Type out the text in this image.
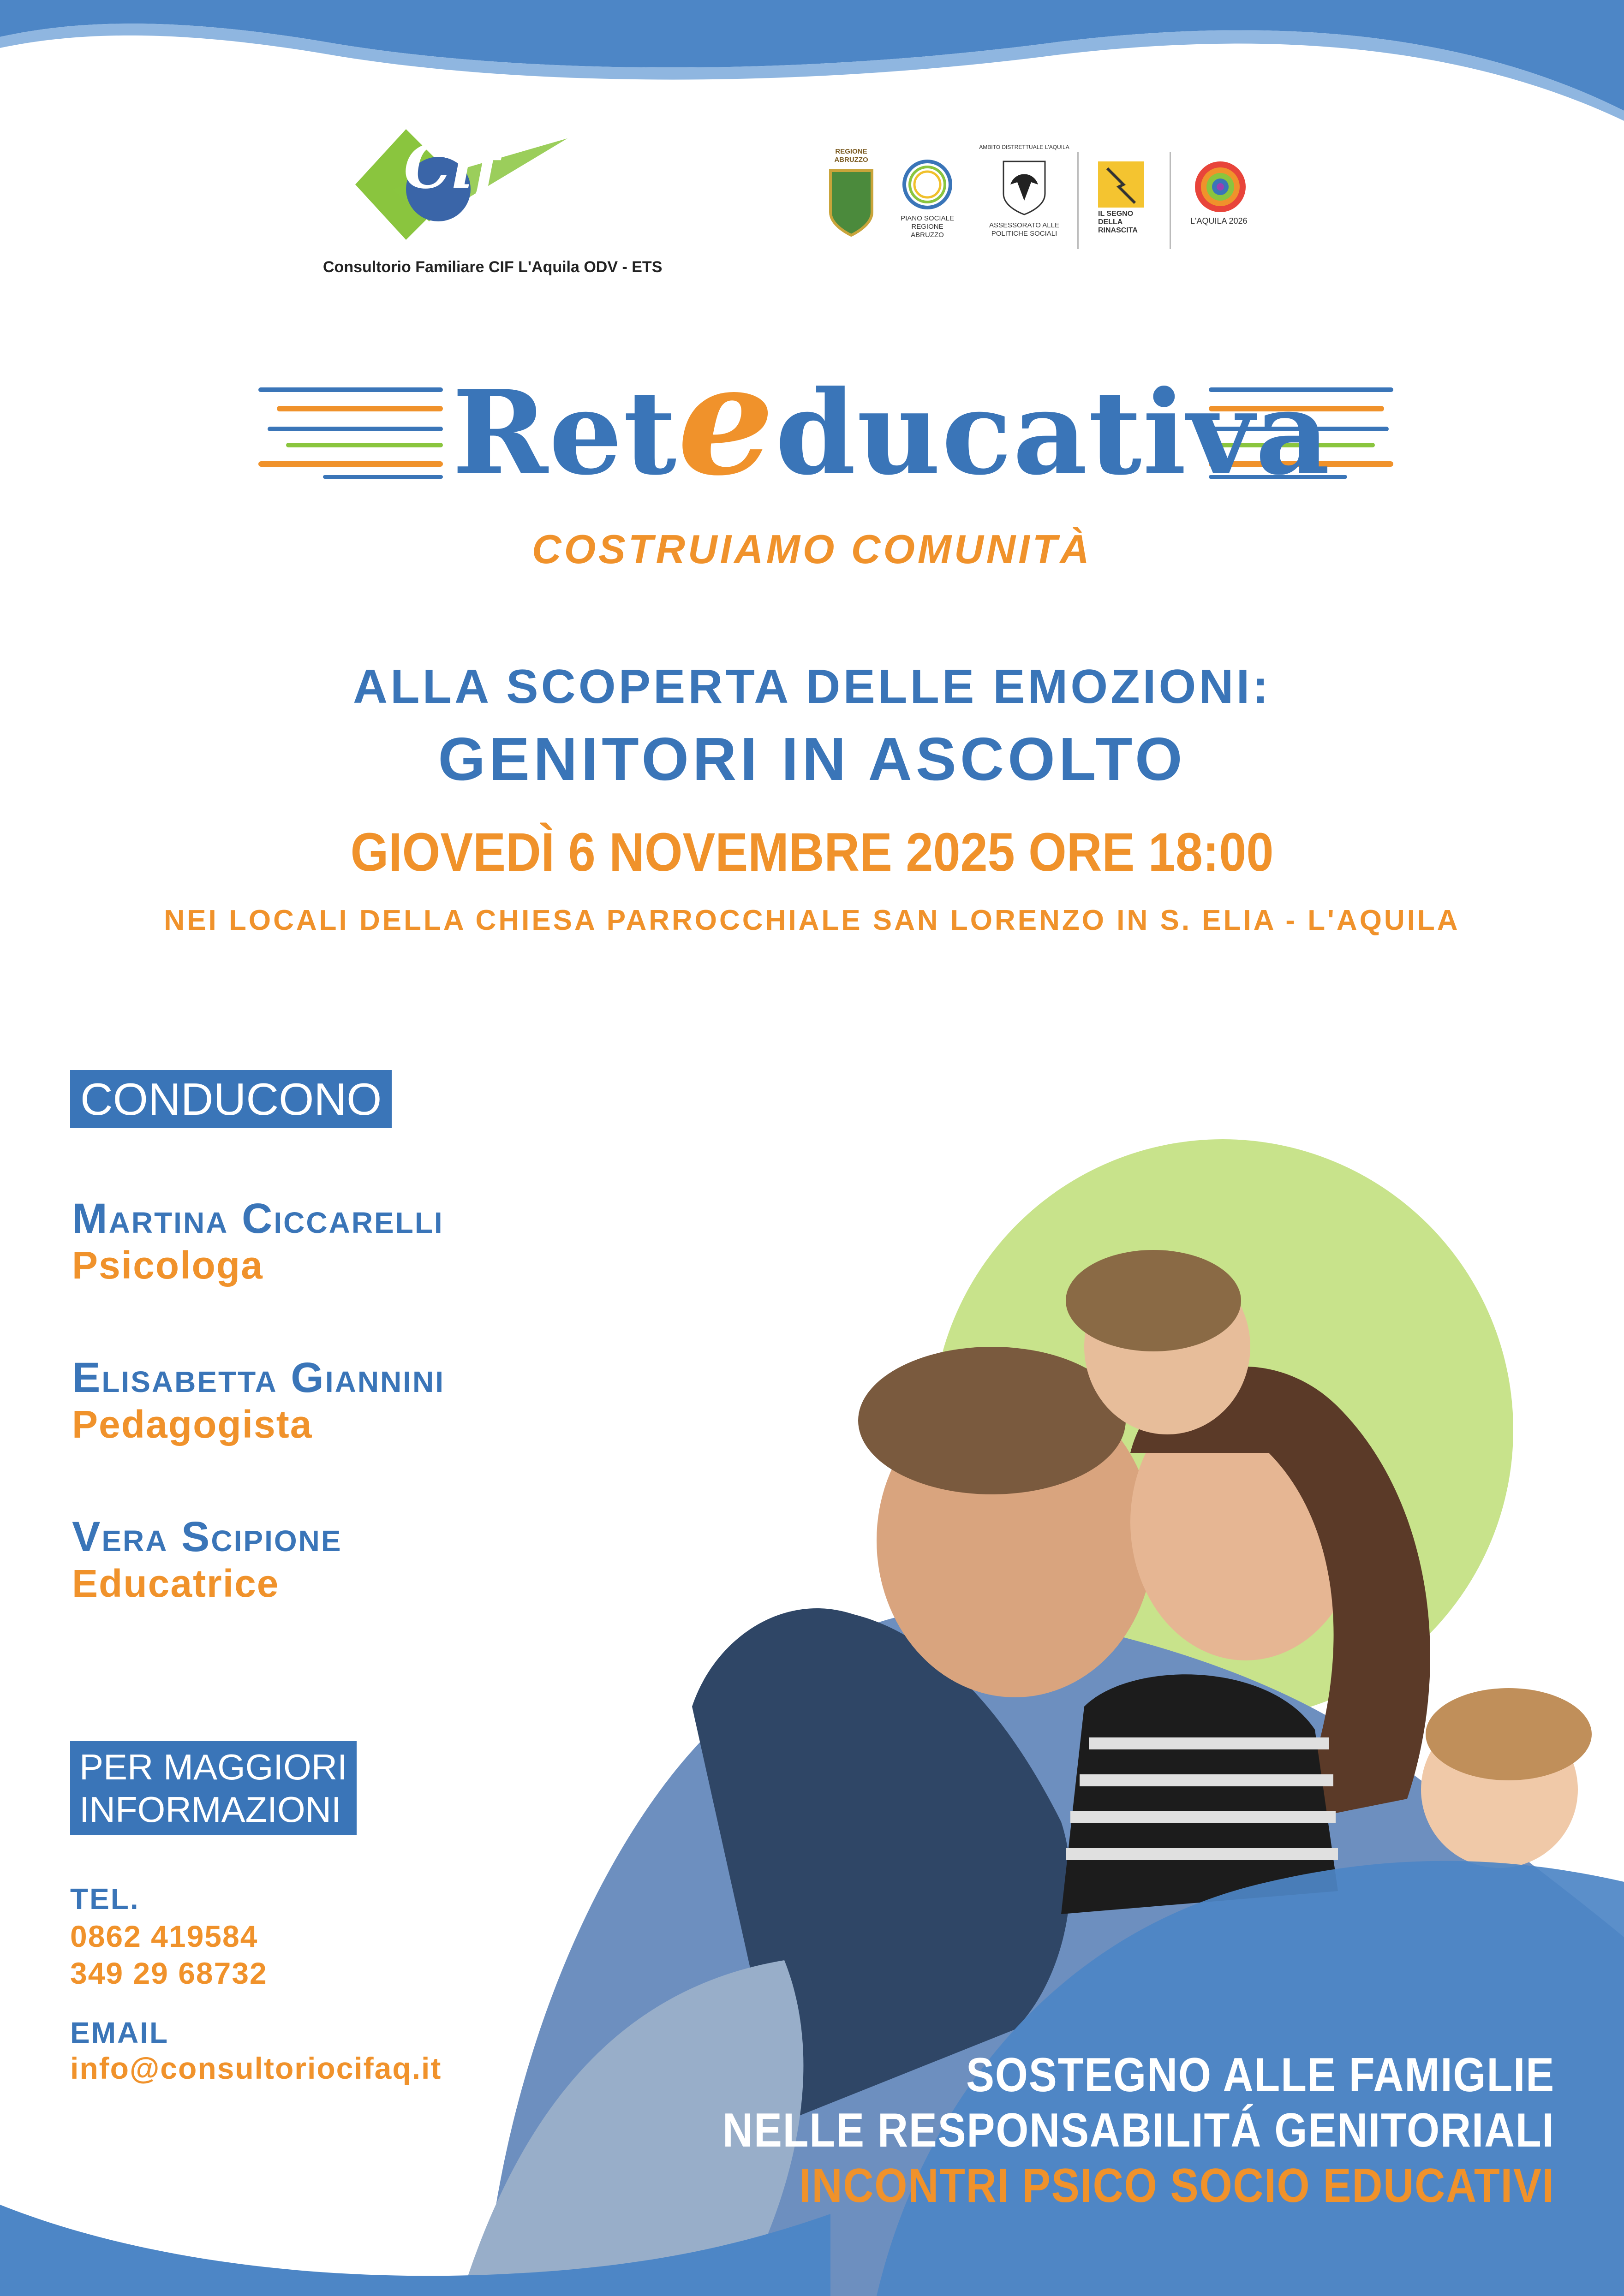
Cif
Consultorio Familiare CIF L'Aquila ODV - ETS
REGIONE ABRUZZO
PIANO SOCIALE REGIONE ABRUZZO
AMBITO DISTRETTUALE L'AQUILA
ASSESSORATO ALLE POLITICHE SOCIALI
IL SEGNO DELLA RINASCITA
L'AQUILA 2026
Reteducativa
COSTRUIAMO COMUNITÀ
ALLA SCOPERTA DELLE EMOZIONI:
GENITORI IN ASCOLTO
GIOVEDÌ 6 NOVEMBRE 2025 ORE 18:00
NEI LOCALI DELLA CHIESA PARROCCHIALE SAN LORENZO IN S. ELIA - L'AQUILA
CONDUCONO
Martina Ciccarelli
Psicologa
Elisabetta Giannini
Pedagogista
Vera Scipione
Educatrice
PER MAGGIORI
INFORMAZIONI
TEL.
0862 419584
349 29 68732
EMAIL
info@consultoriocifaq.it	SOSTEGNO ALLE FAMIGLIE
NELLE RESPONSABILITÁ GENITORIALI
INCONTRI PSICO SOCIO EDUCATIVI
